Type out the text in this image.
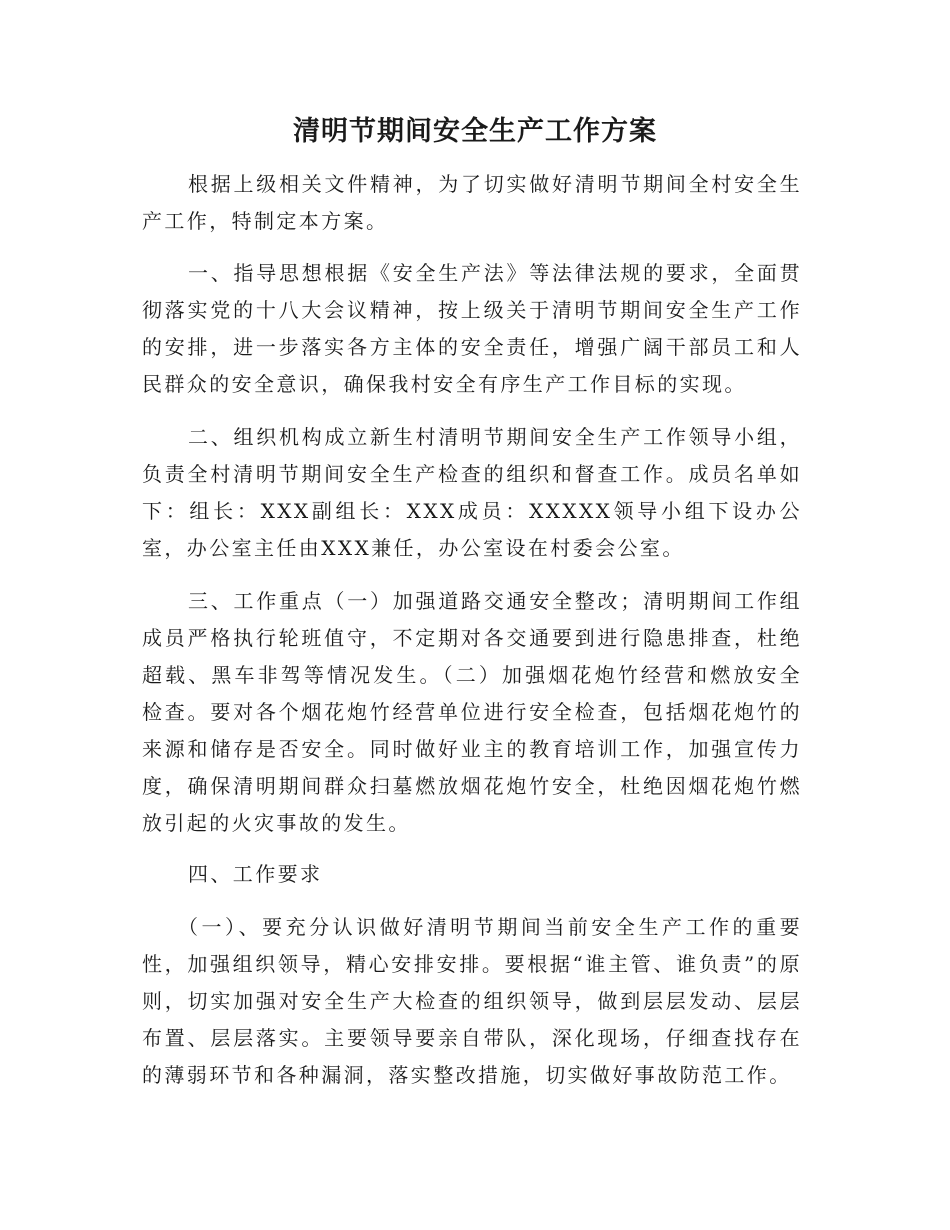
清明节期间安全生产工作方案

根据上级相关文件精神，为了切实做好清明节期间全村安全生产工作，特制定本方案。

一、指导思想根据《安全生产法》等法律法规的要求，全面贯彻落实党的十八大会议精神，按上级关于清明节期间安全生产工作的安排，进一步落实各方主体的安全责任，增强广阔干部员工和人民群众的安全意识，确保我村安全有序生产工作目标的实现。

二、组织机构成立新生村清明节期间安全生产工作领导小组，负责全村清明节期间安全生产检查的组织和督查工作。成员名单如下：组长：XXX副组长：XXX成员：XXXXX领导小组下设办公室，办公室主任由XXX兼任，办公室设在村委会公室。

三、工作重点（一）加强道路交通安全整改；清明期间工作组成员严格执行轮班值守，不定期对各交通要到进行隐患排查，杜绝超载、黑车非驾等情况发生。（二）加强烟花炮竹经营和燃放安全检查。要对各个烟花炮竹经营单位进行安全检查，包括烟花炮竹的来源和储存是否安全。同时做好业主的教育培训工作，加强宣传力度，确保清明期间群众扫墓燃放烟花炮竹安全，杜绝因烟花炮竹燃放引起的火灾事故的发生。

四、工作要求

（一）、要充分认识做好清明节期间当前安全生产工作的重要性，加强组织领导，精心安排安排。要根据“谁主管、谁负责”的原则，切实加强对安全生产大检查的组织领导，做到层层发动、层层布置、层层落实。主要领导要亲自带队，深化现场，仔细查找存在的薄弱环节和各种漏洞，落实整改措施，切实做好事故防范工作。
